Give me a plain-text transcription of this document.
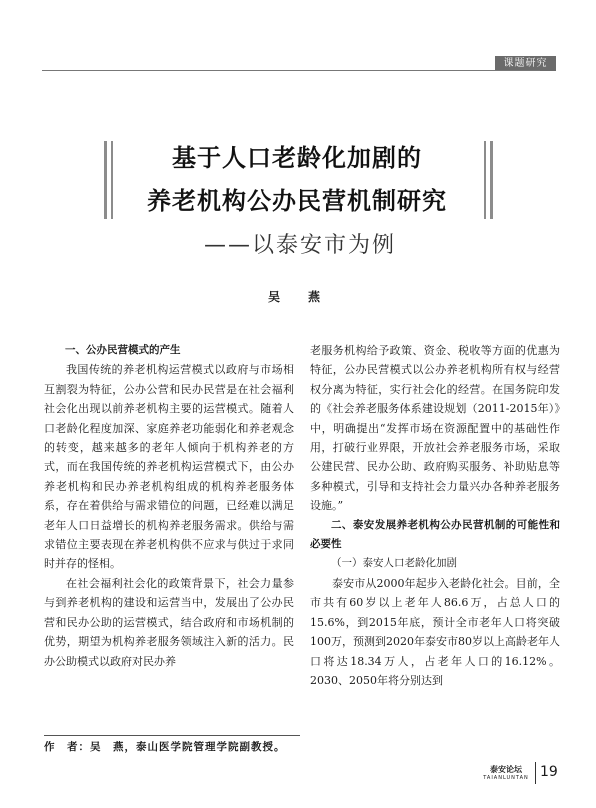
课题研究
基于人口老龄化加剧的
养老机构公办民营机制研究
——以泰安市为例
吴　燕

一、公办民营模式的产生

我国传统的养老机构运营模式以政府与市场相互割裂为特征，公办公营和民办民营是在社会福利社会化出现以前养老机构主要的运营模式。随着人口老龄化程度加深、家庭养老功能弱化和养老观念的转变，越来越多的老年人倾向于机构养老的方式，而在我国传统的养老机构运营模式下，由公办养老机构和民办养老机构组成的机构养老服务体系，存在着供给与需求错位的问题，已经难以满足老年人口日益增长的机构养老服务需求。供给与需求错位主要表现在养老机构供不应求与供过于求同时并存的怪相。

在社会福利社会化的政策背景下，社会力量参与到养老机构的建设和运营当中，发展出了公办民营和民办公助的运营模式，结合政府和市场机制的优势，期望为机构养老服务领域注入新的活力。民办公助模式以政府对民办养

老服务机构给予政策、资金、税收等方面的优惠为特征，公办民营模式以公办养老机构所有权与经营权分离为特征，实行社会化的经营。在国务院印发的《社会养老服务体系建设规划（2011-2015年）》中，明确提出“发挥市场在资源配置中的基础性作用，打破行业界限，开放社会养老服务市场，采取公建民营、民办公助、政府购买服务、补助贴息等多种模式，引导和支持社会力量兴办各种养老服务设施。”

二、泰安发展养老机构公办民营机制的可能性和必要性

（一）泰安人口老龄化加剧

泰安市从2000年起步入老龄化社会。目前，全市共有60岁以上老年人86.6万，占总人口的15.6%，到2015年底，预计全市老年人口将突破100万，预测到2020年泰安市80岁以上高龄老年人口将达18.34万人，占老年人口的16.12%。2030、2050年将分别达到

作　者：吴　燕，泰山医学院管理学院副教授。
泰安论坛
TAIANLUNTAN 19
